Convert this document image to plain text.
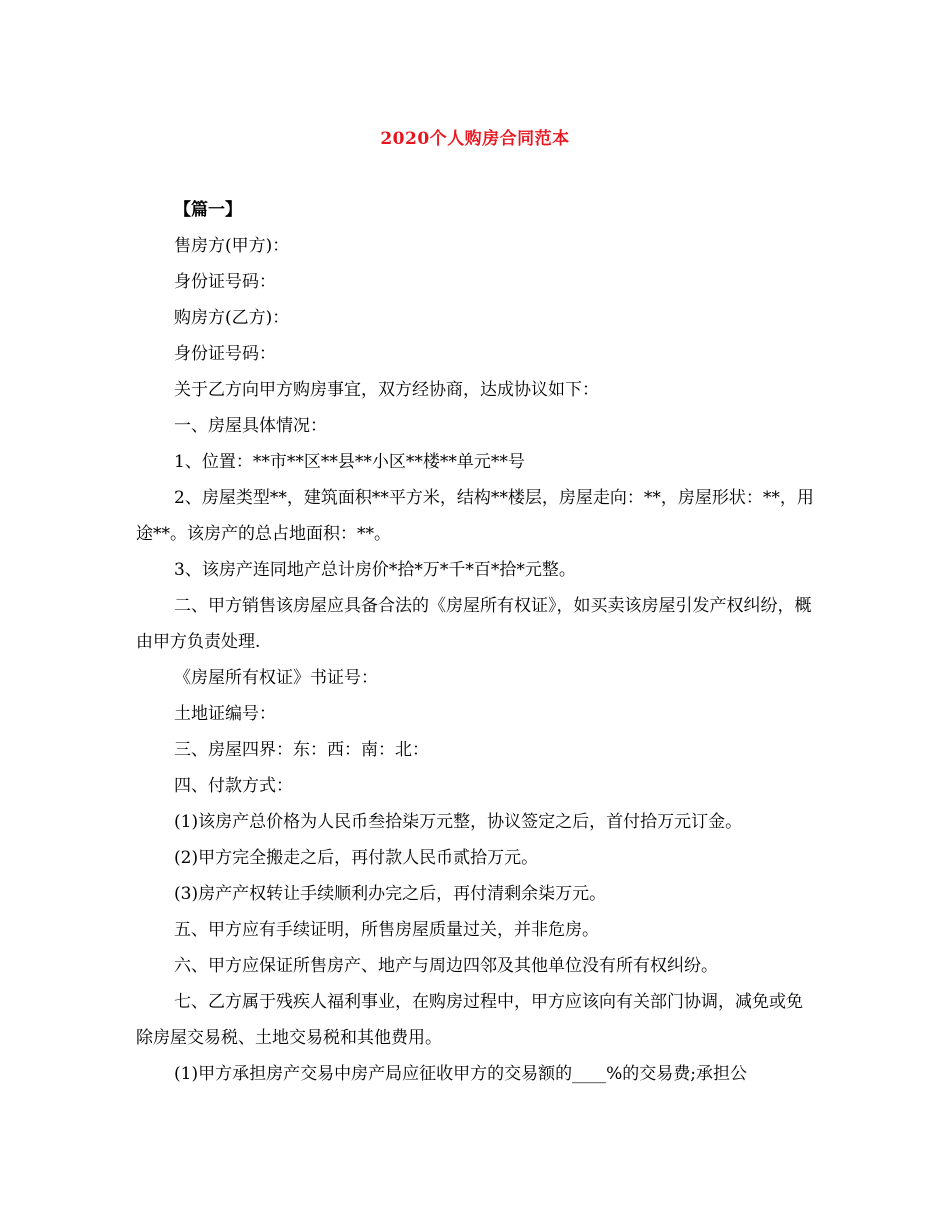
2020个人购房合同范本

【篇一】

售房方(甲方)：

身份证号码：

购房方(乙方)：

身份证号码：

关于乙方向甲方购房事宜，双方经协商，达成协议如下：

一、房屋具体情况：

1、位置：**市**区**县**小区**楼**单元**号

2、房屋类型**，建筑面积**平方米，结构**楼层，房屋走向：**，房屋形状：**，用途**。该房产的总占地面积：**。

3、该房产连同地产总计房价*拾*万*千*百*拾*元整。

二、甲方销售该房屋应具备合法的《房屋所有权证》，如买卖该房屋引发产权纠纷，概由甲方负责处理.

《房屋所有权证》书证号：

土地证编号：

三、房屋四界：东：西：南：北：

四、付款方式：

(1)该房产总价格为人民币叁拾柒万元整，协议签定之后，首付拾万元订金。

(2)甲方完全搬走之后，再付款人民币贰拾万元。

(3)房产产权转让手续顺利办完之后，再付清剩余柒万元。

五、甲方应有手续证明，所售房屋质量过关，并非危房。

六、甲方应保证所售房产、地产与周边四邻及其他单位没有所有权纠纷。

七、乙方属于残疾人福利事业，在购房过程中，甲方应该向有关部门协调，减免或免除房屋交易税、土地交易税和其他费用。

(1)甲方承担房产交易中房产局应征收甲方的交易额的____%的交易费;承担公
